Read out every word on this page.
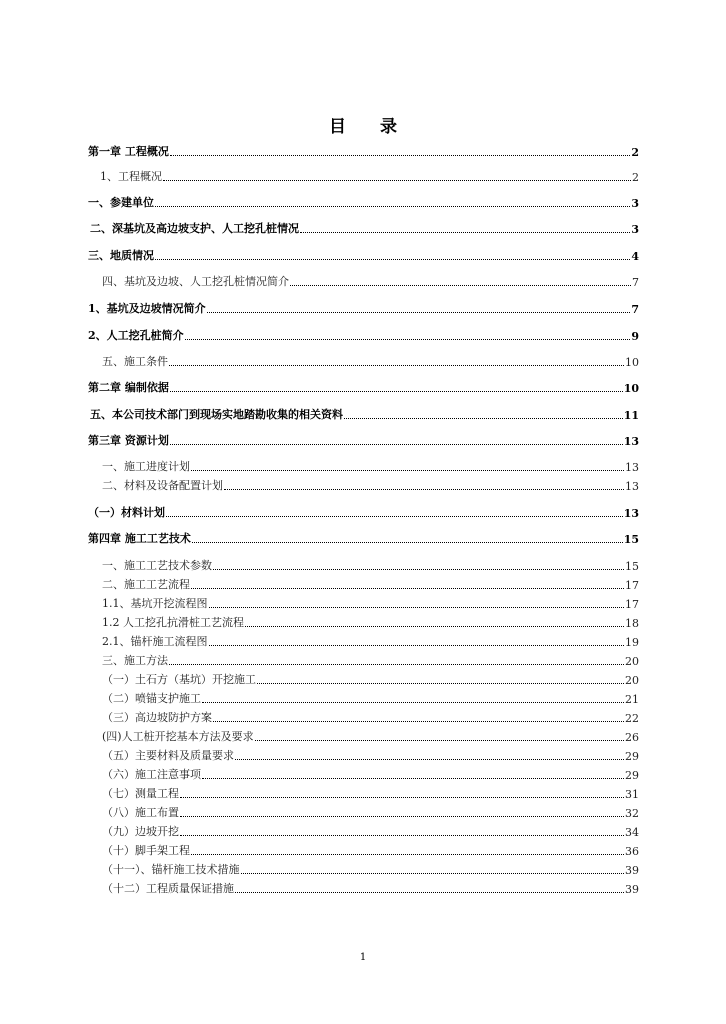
目 录
第一章 工程概况	2
1、工程概况	2
一、参建单位	3
二、深基坑及高边坡支护、人工挖孔桩情况	3
三、地质情况	4
四、基坑及边坡、人工挖孔桩情况简介	7
1、基坑及边坡情况简介	7
2、人工挖孔桩简介	9
五、施工条件	10
第二章 编制依据	10
五、本公司技术部门到现场实地踏勘收集的相关资料	11
第三章 资源计划	13
一、施工进度计划	13
二、材料及设备配置计划	13
（一）材料计划	13
第四章 施工工艺技术	15
一、施工工艺技术参数	15
二、施工工艺流程	17
1.1、基坑开挖流程图	17
1.2 人工挖孔抗滑桩工艺流程	18
2.1、锚杆施工流程图	19
三、施工方法	20
（一）土石方（基坑）开挖施工	20
（二）喷锚支护施工	21
（三）高边坡防护方案	22
(四)人工桩开挖基本方法及要求	26
（五）主要材料及质量要求	29
（六）施工注意事项	29
（七）测量工程	31
（八）施工布置	32
（九）边坡开挖	34
（十）脚手架工程	36
（十一）、锚杆施工技术措施	39
（十二）工程质量保证措施	39
1
